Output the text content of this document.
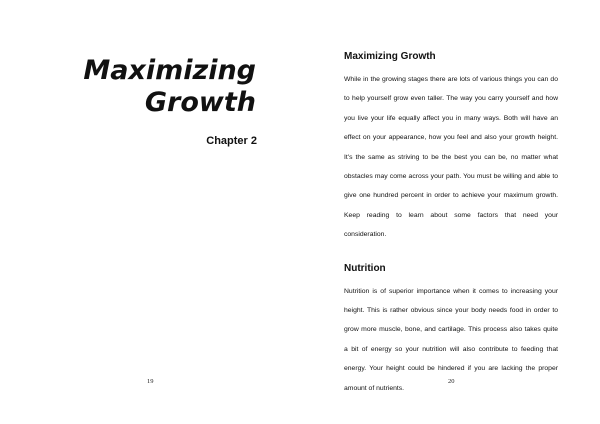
Maximizing
Growth
Chapter 2
19
Maximizing Growth

While in the growing stages there are lots of various things you can do to help yourself grow even taller. The way you carry yourself and how you live your life equally affect you in many ways. Both will have an effect on your appearance, how you feel and also your growth height. It's the same as striving to be the best you can be, no matter what obstacles may come across your path. You must be willing and able to give one hundred percent in order to achieve your maximum growth. Keep reading to learn about some factors that need your consideration.

Nutrition

Nutrition is of superior importance when it comes to increasing your height. This is rather obvious since your body needs food in order to grow more muscle, bone, and cartilage. This process also takes quite a bit of energy so your nutrition will also contribute to feeding that energy. Your height could be hindered if you are lacking the proper amount of nutrients.

20
